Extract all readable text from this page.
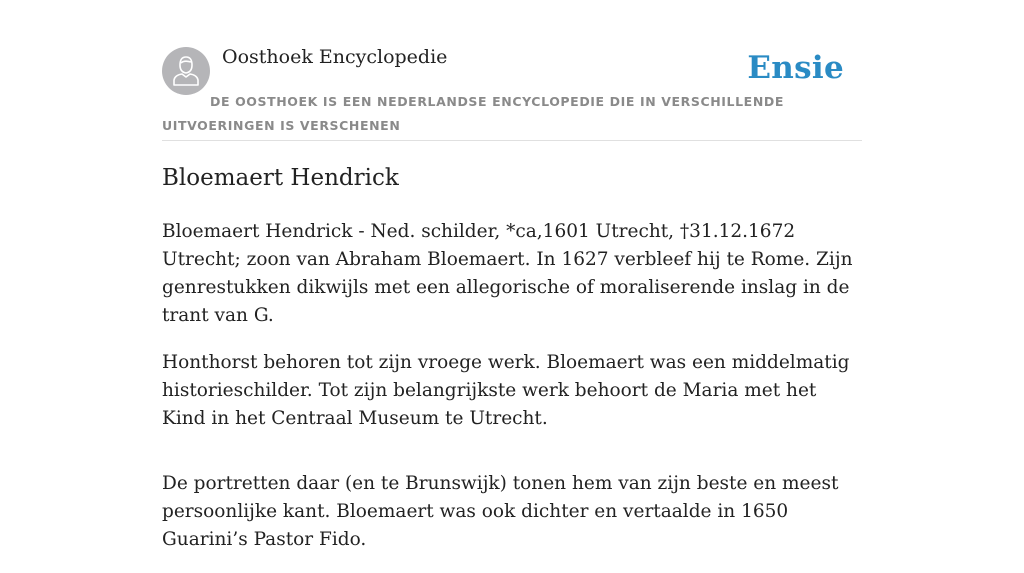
Oosthoek Encyclopedie	Ensie
DE OOSTHOEK IS EEN NEDERLANDSE ENCYCLOPEDIE DIE IN VERSCHILLENDE UITVOERINGEN IS VERSCHENEN
Bloemaert Hendrick

Bloemaert Hendrick - Ned. schilder, *ca,1601 Utrecht, †31.12.1672 Utrecht; zoon van Abraham Bloemaert. In 1627 verbleef hij te Rome. Zijn genrestukken dikwijls met een allegorische of moraliserende inslag in de trant van G.

Honthorst behoren tot zijn vroege werk. Bloemaert was een middelmatig historieschilder. Tot zijn belangrijkste werk behoort de Maria met het Kind in het Centraal Museum te Utrecht.

De portretten daar (en te Brunswijk) tonen hem van zijn beste en meest persoonlijke kant. Bloemaert was ook dichter en vertaalde in 1650 Guarini’s Pastor Fido.
